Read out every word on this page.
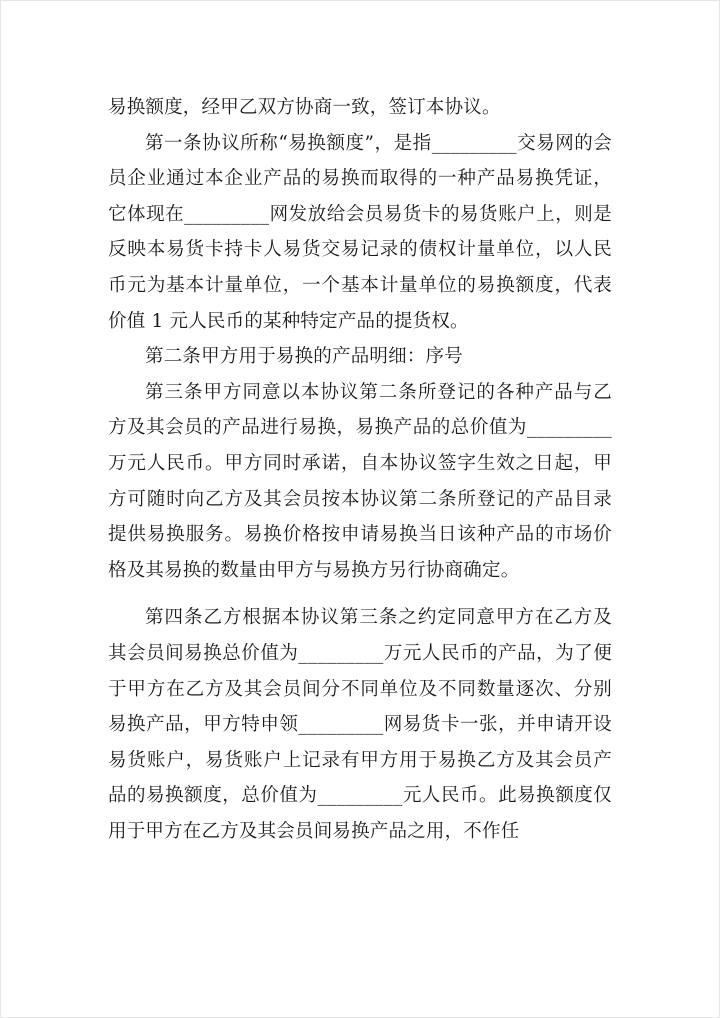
易换额度，经甲乙双方协商一致，签订本协议。

第一条协议所称“易换额度”，是指_________交易网的会员企业通过本企业产品的易换而取得的一种产品易换凭证，它体现在_________网发放给会员易货卡的易货账户上，则是反映本易货卡持卡人易货交易记录的债权计量单位，以人民币元为基本计量单位，一个基本计量单位的易换额度，代表价值 1 元人民币的某种特定产品的提货权。

第二条甲方用于易换的产品明细：序号

第三条甲方同意以本协议第二条所登记的各种产品与乙方及其会员的产品进行易换，易换产品的总价值为_________万元人民币。甲方同时承诺，自本协议签字生效之日起，甲方可随时向乙方及其会员按本协议第二条所登记的产品目录提供易换服务。易换价格按申请易换当日该种产品的市场价格及其易换的数量由甲方与易换方另行协商确定。

第四条乙方根据本协议第三条之约定同意甲方在乙方及其会员间易换总价值为_________万元人民币的产品，为了便于甲方在乙方及其会员间分不同单位及不同数量逐次、分别易换产品，甲方特申领_________网易货卡一张，并申请开设易货账户，易货账户上记录有甲方用于易换乙方及其会员产品的易换额度，总价值为_________元人民币。此易换额度仅用于甲方在乙方及其会员间易换产品之用，不作任
